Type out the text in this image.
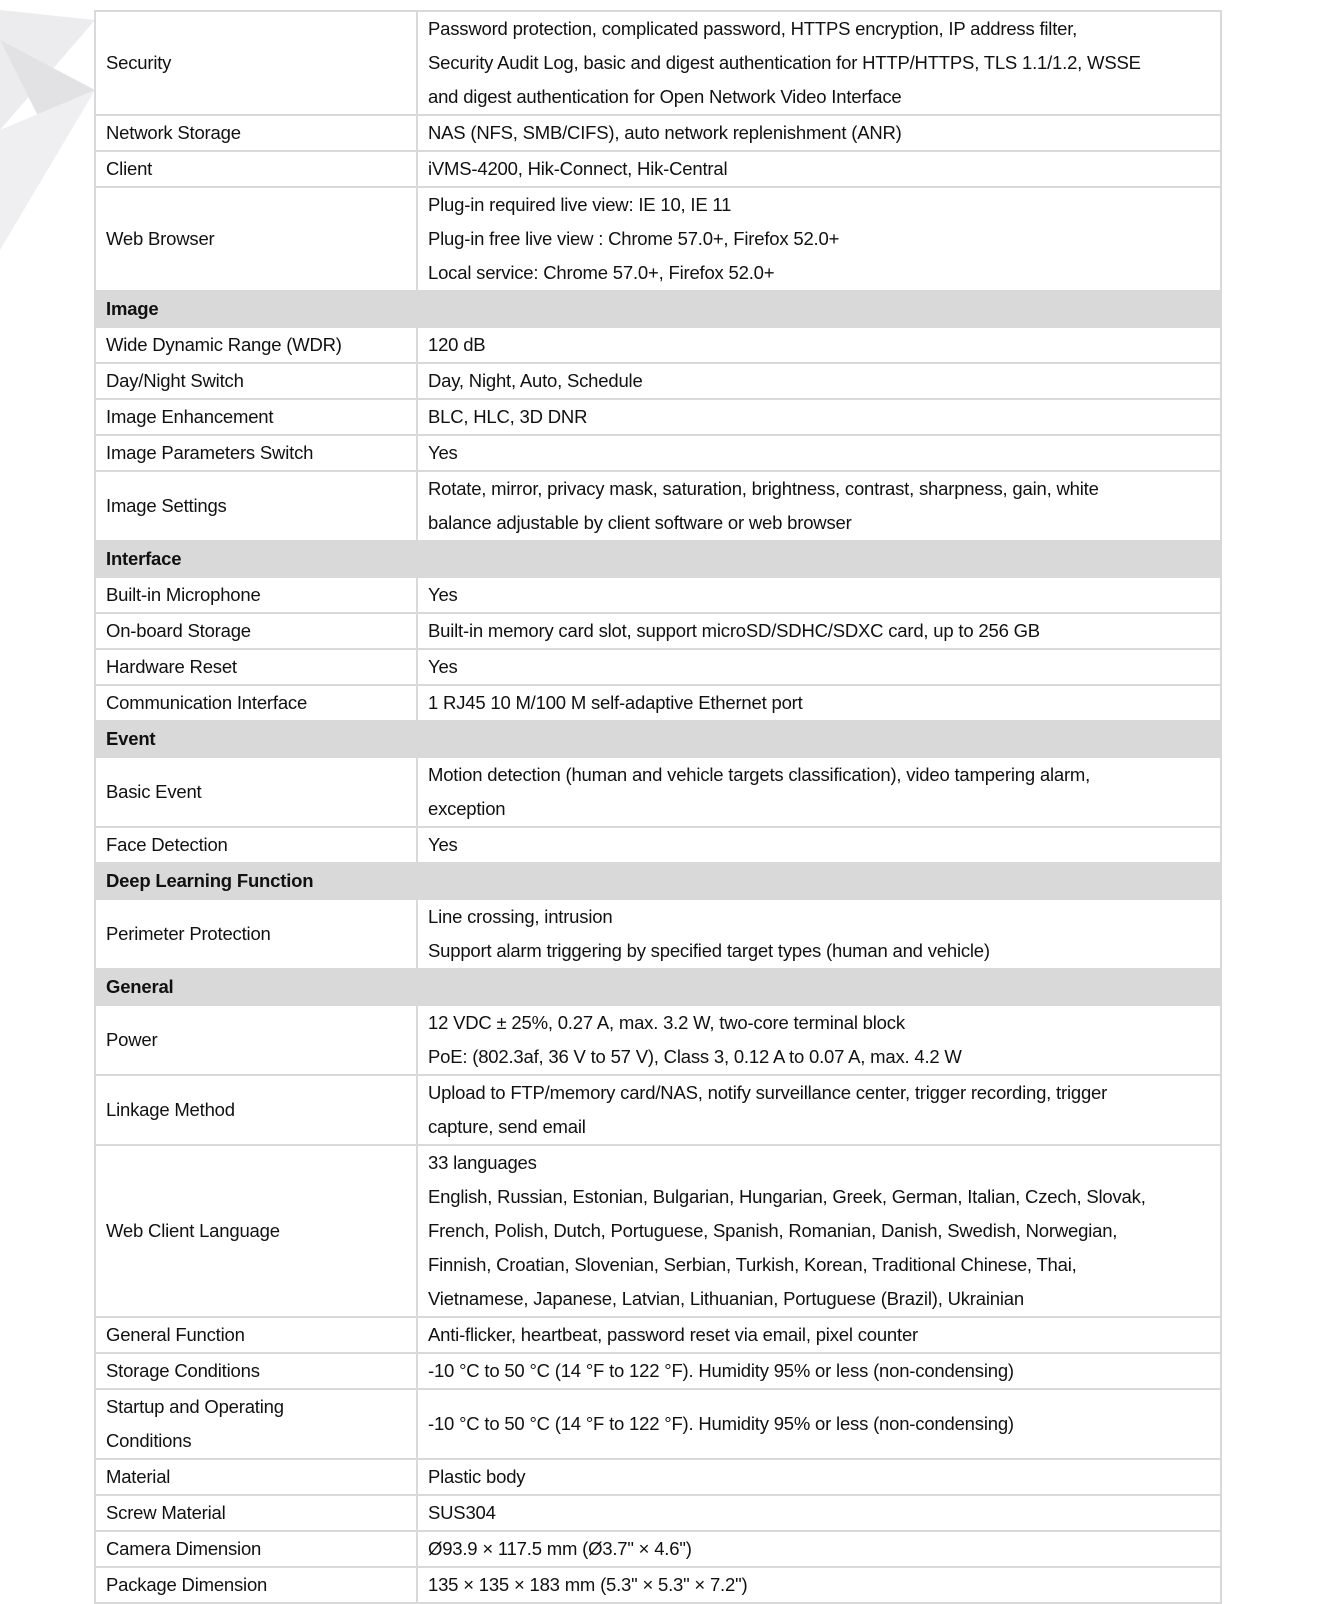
Security	Password protection, complicated password, HTTPS encryption, IP address filter,
Security Audit Log, basic and digest authentication for HTTP/HTTPS, TLS 1.1/1.2, WSSE
and digest authentication for Open Network Video Interface

Network Storage	NAS (NFS, SMB/CIFS), auto network replenishment (ANR)

Client	iVMS-4200, Hik-Connect, Hik-Central

Web Browser	Plug-in required live view: IE 10, IE 11
Plug-in free live view : Chrome 57.0+, Firefox 52.0+
Local service: Chrome 57.0+, Firefox 52.0+

Image	

Wide Dynamic Range (WDR)	120 dB

Day/Night Switch	Day, Night, Auto, Schedule

Image Enhancement	BLC, HLC, 3D DNR

Image Parameters Switch	Yes

Image Settings	Rotate, mirror, privacy mask, saturation, brightness, contrast, sharpness, gain, white
balance adjustable by client software or web browser

Interface	

Built-in Microphone	Yes

On-board Storage	Built-in memory card slot, support microSD/SDHC/SDXC card, up to 256 GB

Hardware Reset	Yes

Communication Interface	1 RJ45 10 M/100 M self-adaptive Ethernet port

Event	

Basic Event	Motion detection (human and vehicle targets classification), video tampering alarm,
exception

Face Detection	Yes

Deep Learning Function	

Perimeter Protection	Line crossing, intrusion
Support alarm triggering by specified target types (human and vehicle)

General	

Power	12 VDC ± 25%, 0.27 A, max. 3.2 W, two-core terminal block
PoE: (802.3af, 36 V to 57 V), Class 3, 0.12 A to 0.07 A, max. 4.2 W

Linkage Method	Upload to FTP/memory card/NAS, notify surveillance center, trigger recording, trigger
capture, send email

Web Client Language	33 languages
English, Russian, Estonian, Bulgarian, Hungarian, Greek, German, Italian, Czech, Slovak,
French, Polish, Dutch, Portuguese, Spanish, Romanian, Danish, Swedish, Norwegian,
Finnish, Croatian, Slovenian, Serbian, Turkish, Korean, Traditional Chinese, Thai,
Vietnamese, Japanese, Latvian, Lithuanian, Portuguese (Brazil), Ukrainian

General Function	Anti-flicker, heartbeat, password reset via email, pixel counter

Storage Conditions	-10 °C to 50 °C (14 °F to 122 °F). Humidity 95% or less (non-condensing)

Startup and Operating
Conditions	-10 °C to 50 °C (14 °F to 122 °F). Humidity 95% or less (non-condensing)

Material	Plastic body

Screw Material	SUS304

Camera Dimension	Ø93.9 × 117.5 mm (Ø3.7" × 4.6")

Package Dimension	135 × 135 × 183 mm (5.3" × 5.3" × 7.2")
